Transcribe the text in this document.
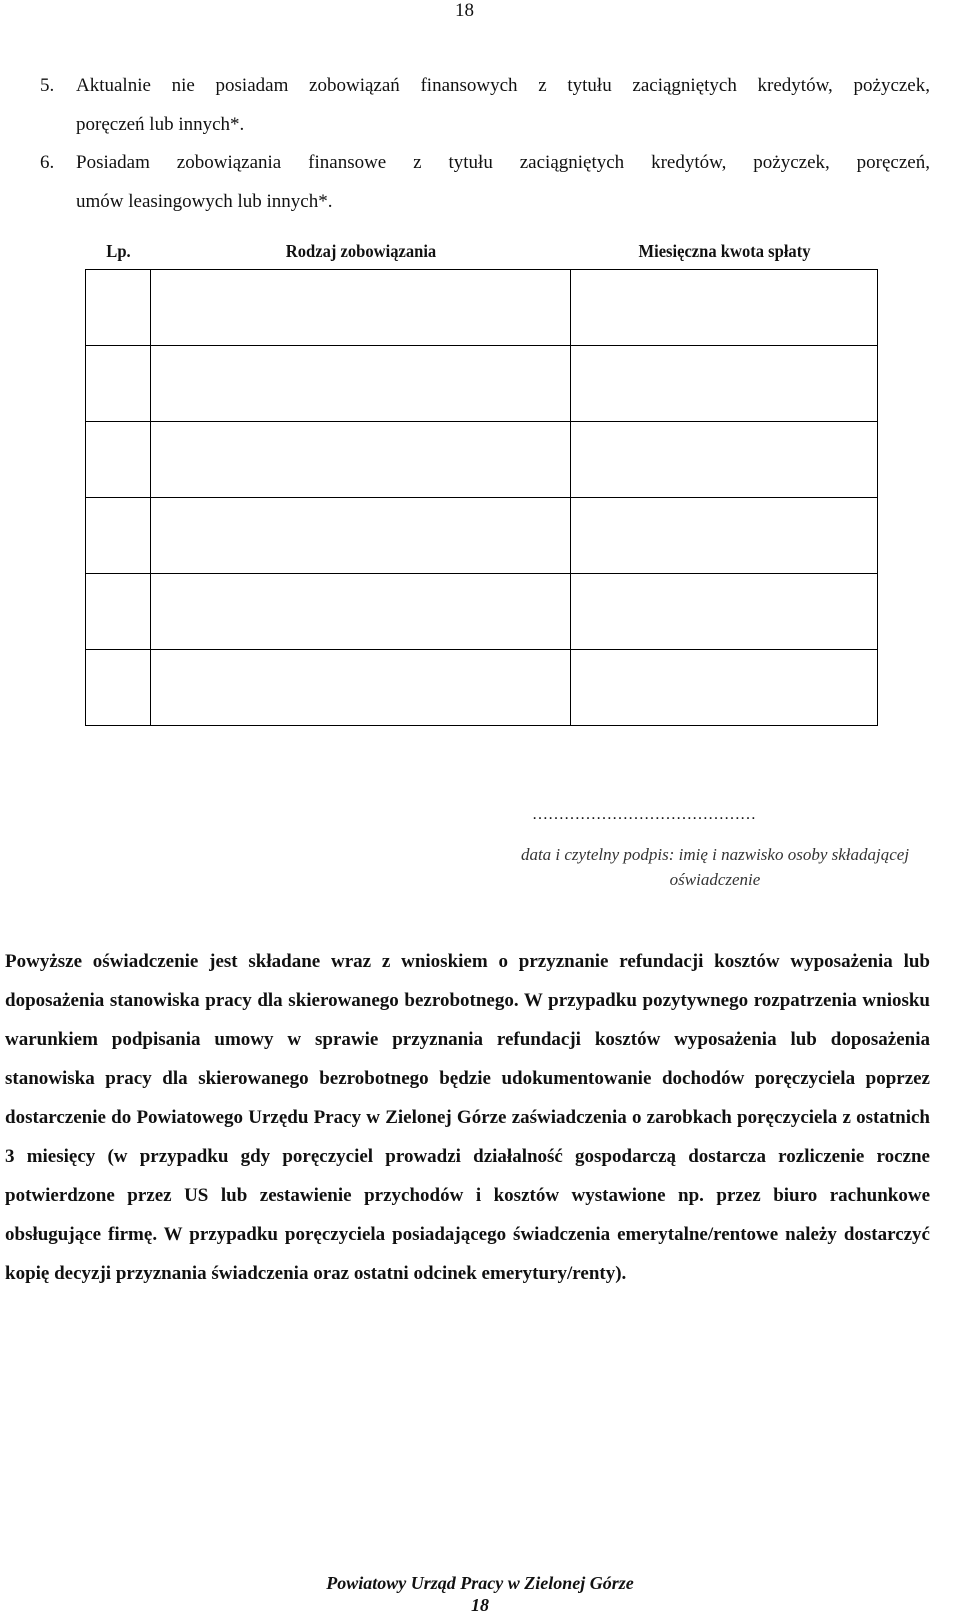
18
5. Aktualnie nie posiadam zobowiązań finansowych z tytułu zaciągniętych kredytów, pożyczek,
poręczeń lub innych*.
6. Posiadam zobowiązania finansowe z tytułu zaciągniętych kredytów, pożyczek, poręczeń,
umów leasingowych lub innych*.
Lp.	Rodzaj zobowiązania	Miesięczna kwota spłaty

……………………………………
data i czytelny podpis: imię i nazwisko osoby składającej oświadczenie
Powyższe oświadczenie jest składane wraz z wnioskiem o przyznanie refundacji kosztów wyposażenia lub doposażenia stanowiska pracy dla skierowanego bezrobotnego. W przypadku pozytywnego rozpatrzenia wniosku warunkiem podpisania umowy w sprawie przyznania refundacji kosztów wyposażenia lub doposażenia stanowiska pracy dla skierowanego bezrobotnego będzie udokumentowanie dochodów poręczyciela poprzez dostarczenie do Powiatowego Urzędu Pracy w Zielonej Górze zaświadczenia o zarobkach poręczyciela z ostatnich 3 miesięcy (w przypadku gdy poręczyciel prowadzi działalność gospodarczą dostarcza rozliczenie roczne potwierdzone przez US lub zestawienie przychodów i kosztów wystawione np. przez biuro rachunkowe obsługujące firmę. W przypadku poręczyciela posiadającego świadczenia emerytalne/rentowe należy dostarczyć kopię decyzji przyznania świadczenia oraz ostatni odcinek emerytury/renty).
Powiatowy Urząd Pracy w Zielonej Górze
18
